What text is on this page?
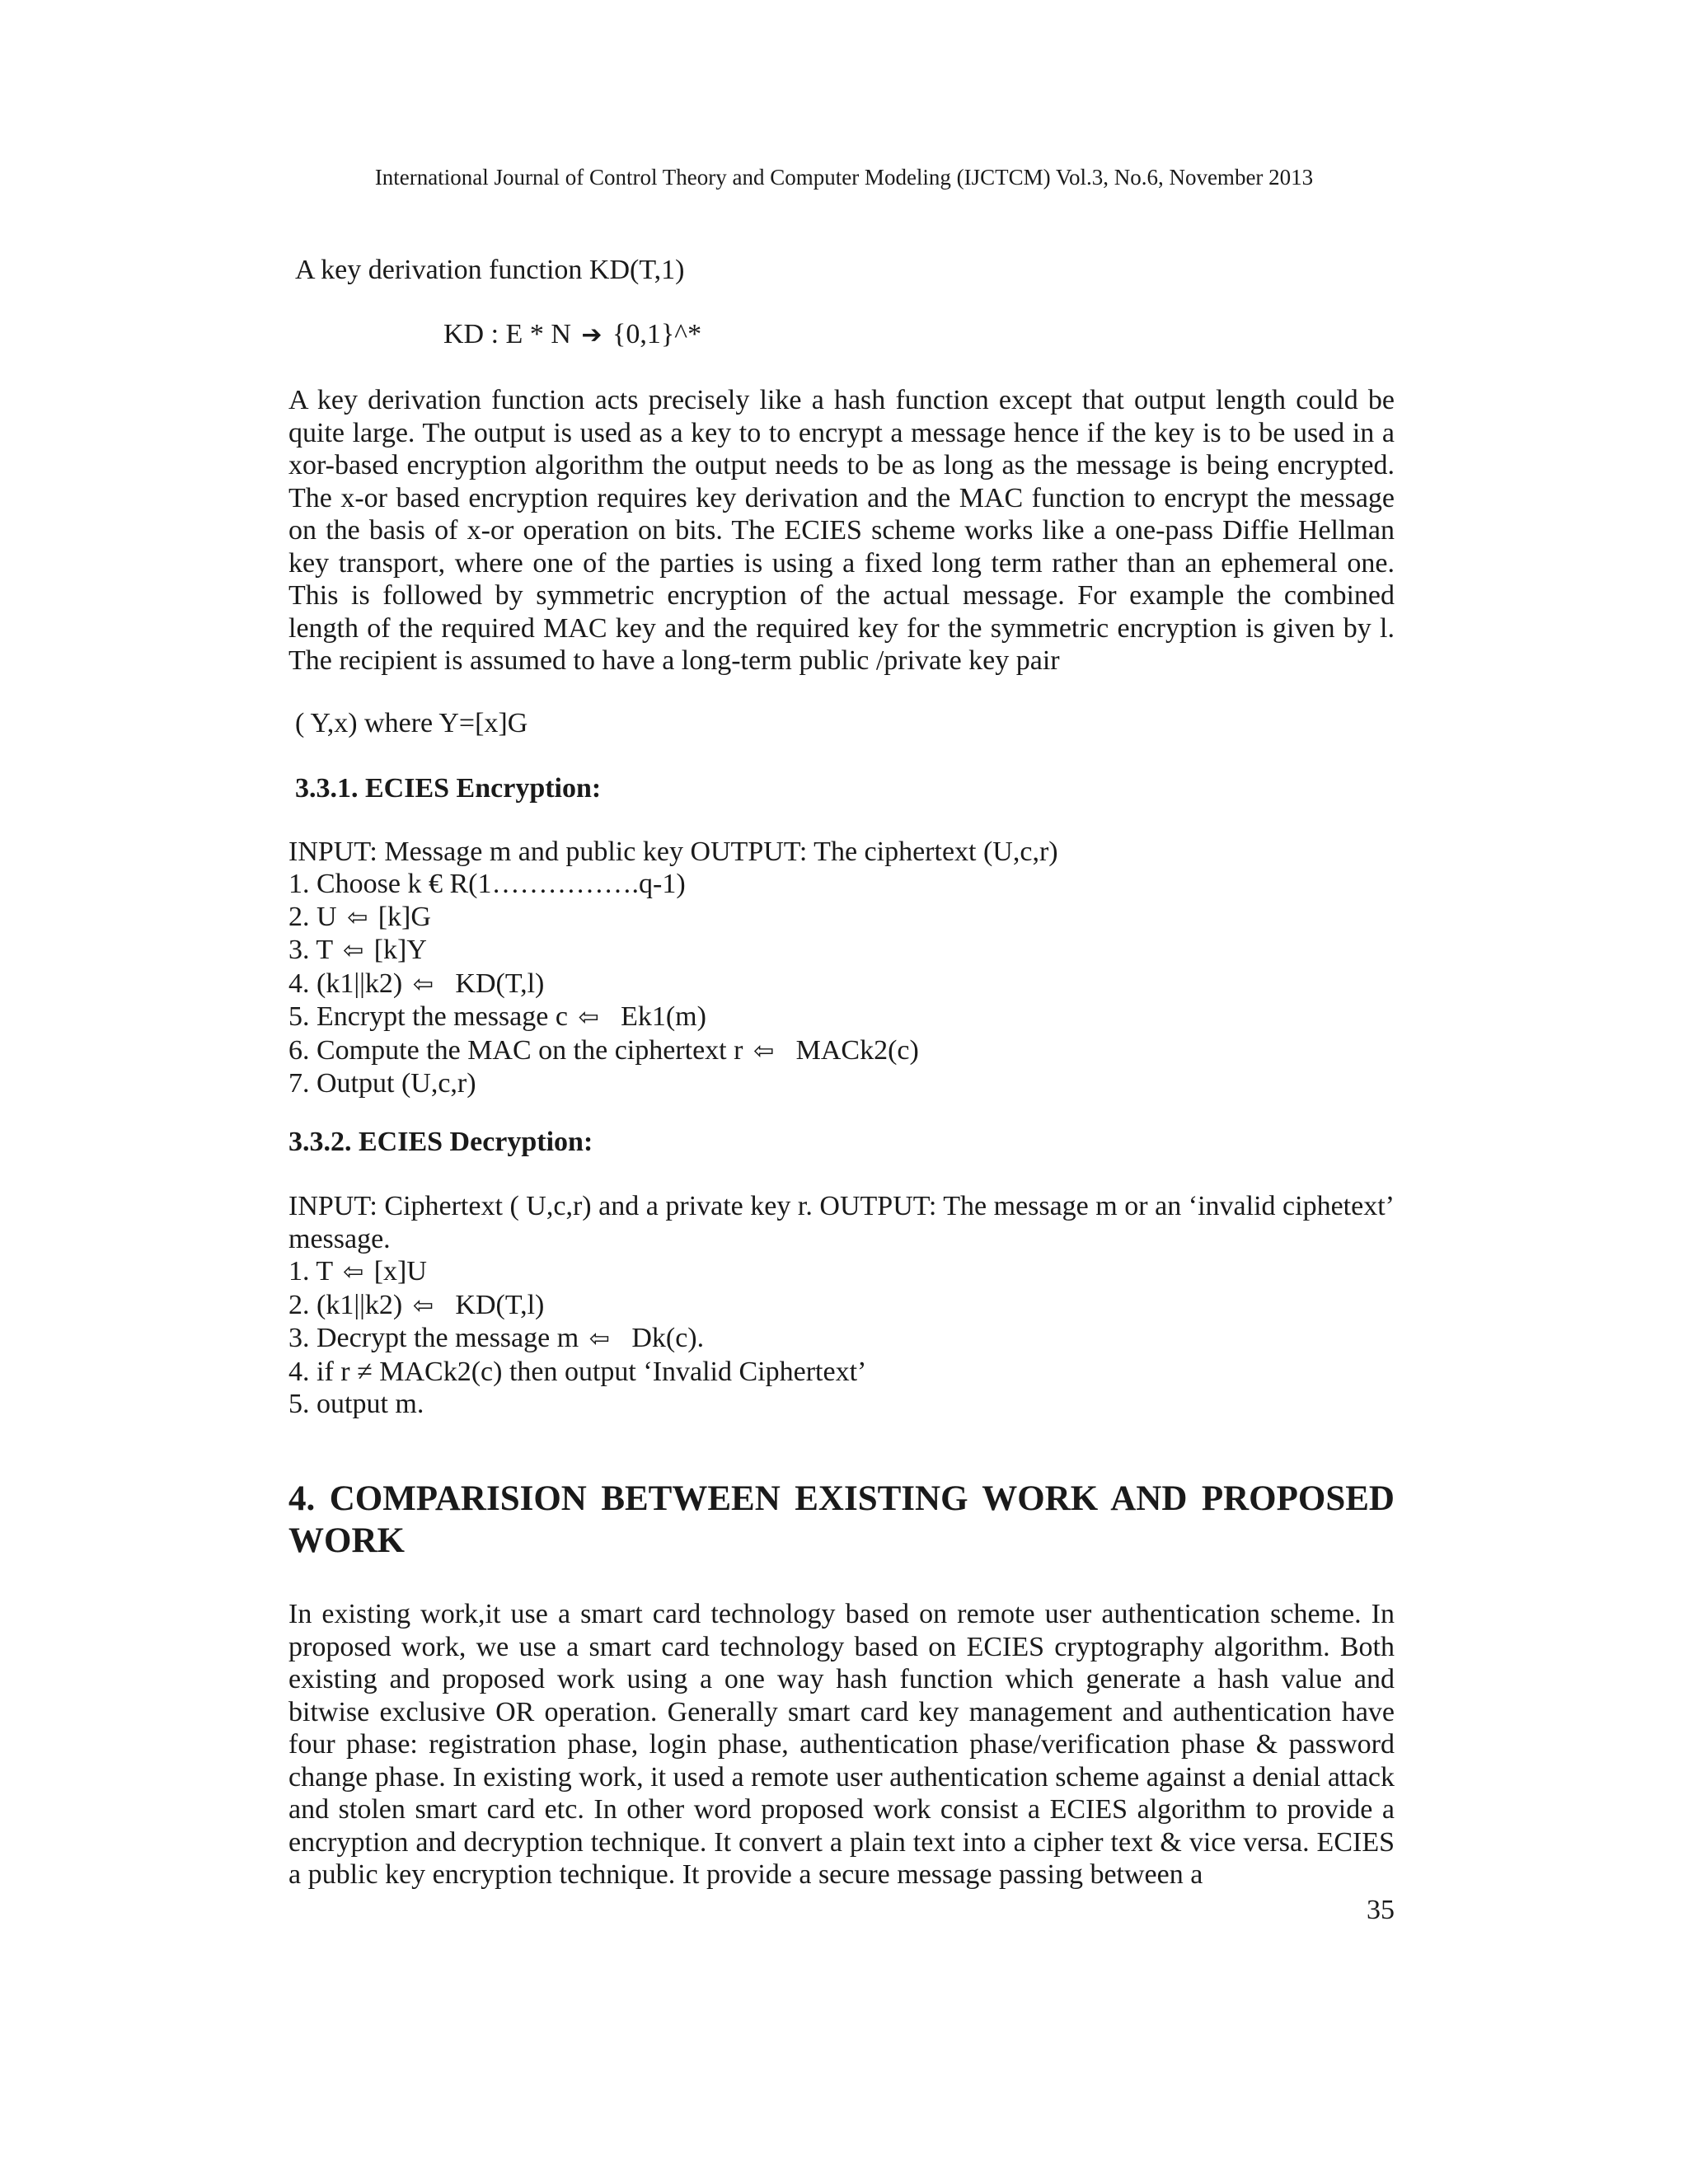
International Journal of Control Theory and Computer Modeling (IJCTCM) Vol.3, No.6, November 2013
A key derivation function KD(T,1)

A key derivation function acts precisely like a hash function except that output length could be quite large. The output is used as a key to to encrypt a message hence if the key is to be used in a xor-based encryption algorithm the output needs to be as long as the message is being encrypted. The x-or based encryption requires key derivation and the MAC function to encrypt the message on the basis of x-or operation on bits. The ECIES scheme works like a one-pass Diffie Hellman key transport, where one of the parties is using a fixed long term rather than an ephemeral one. This is followed by symmetric encryption of the actual message. For example the combined length of the required MAC key and the required key for the symmetric encryption is given by l. The recipient is assumed to have a long-term public /private key pair

( Y,x) where Y=[x]G
3.3.1. ECIES Encryption:
INPUT: Message m and public key OUTPUT: The ciphertext (U,c,r)
1. Choose k € R(1…………….q-1)
2. U ⇦ [k]G
3. T ⇦ [k]Y
4. (k1||k2) ⇦ KD(T,l)
5. Encrypt the message c ⇦ Ek1(m)
6. Compute the MAC on the ciphertext r ⇦ MACk2(c)
7. Output (U,c,r)
3.3.2. ECIES Decryption:

INPUT: Ciphertext ( U,c,r) and a private key r. OUTPUT: The message m or an ‘invalid ciphetext’ message.

1. T ⇦ [x]U
2. (k1||k2) ⇦ KD(T,l)
3. Decrypt the message m ⇦ Dk(c).
4. if r ≠ MACk2(c) then output ‘Invalid Ciphertext’
5. output m.
4. COMPARISION BETWEEN EXISTING WORK AND PROPOSED WORK

In existing work,it use a smart card technology based on remote user authentication scheme. In proposed work, we use a smart card technology based on ECIES cryptography algorithm. Both existing and proposed work using a one way hash function which generate a hash value and bitwise exclusive OR operation. Generally smart card key management and authentication have four phase: registration phase, login phase, authentication phase/verification phase & password change phase. In existing work, it used a remote user authentication scheme against a denial attack and stolen smart card etc. In other word proposed work consist a ECIES algorithm to provide a encryption and decryption technique. It convert a plain text into a cipher text & vice versa. ECIES a public key encryption technique. It provide a secure message passing between a

KD : E * N ➔ {0,1}^*
35
